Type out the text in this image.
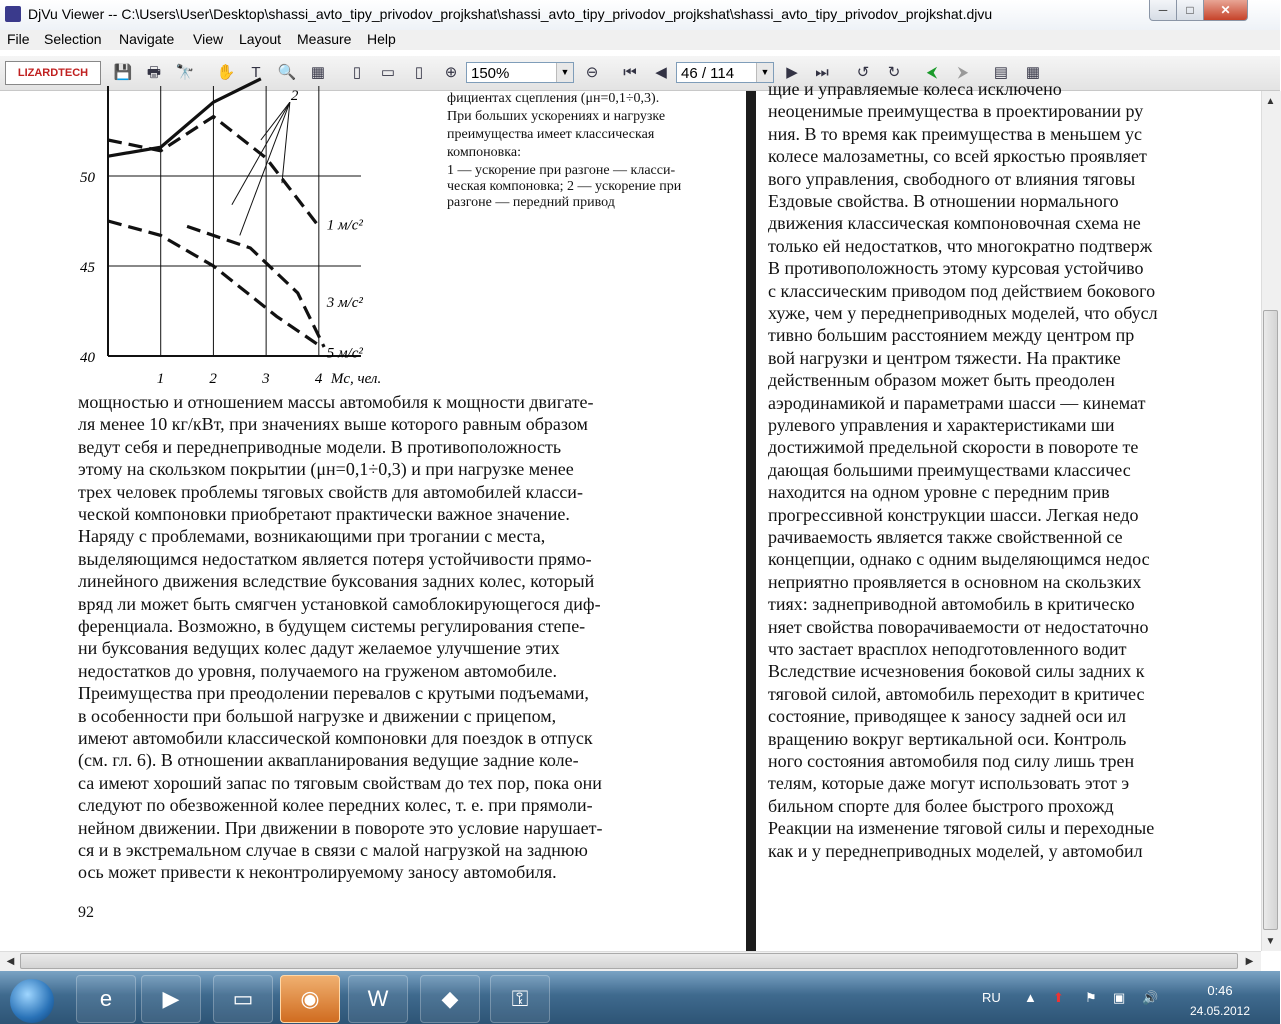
DjVu Viewer -- C:\Users\User\Desktop\shassi_avto_tipy_privodov_projkshat\shassi_avto_tipy_privodov_projkshat\shassi_avto_tipy_privodov_projkshat.djvu	─	□	✕
File Selection Navigate View Layout Measure Help
LIZARDTECH	💾 🖶 🔭 ✋	T	🔍 ▦	▯	▭	▯	⊕ 150%	▼ ⊖ ⏮ ◀ 46 / 114	▼ ▶ ⏭ ↺ ↻	⮜	⮞	▤ ▦
40
45
50
1	2	3	4 Mс, чел.
2
1 м/с²
3 м/с²
5 м/с²
фициентах сцепления (μн=0,1÷0,3).
При больших ускорениях и нагрузке
преимущества имеет классическая
компоновка:
1 — ускорение при разгоне — класси-
ческая компоновка; 2 — ускорение при
разгоне — передний привод
мощностью и отношением массы автомобиля к мощности двигате-
ля менее 10 кг/кВт, при значениях выше которого равным образом
ведут себя и переднеприводные модели. В противоположность
этому на скользком покрытии (μн=0,1÷0,3) и при нагрузке менее
трех человек проблемы тяговых свойств для автомобилей класси-
ческой компоновки приобретают практически важное значение.
Наряду с проблемами, возникающими при трогании с места,
выделяющимся недостатком является потеря устойчивости прямо-
линейного движения вследствие буксования задних колес, который
вряд ли может быть смягчен установкой самоблокирующегося диф-
ференциала. Возможно, в будущем системы регулирования степе-
ни буксования ведущих колес дадут желаемое улучшение этих
недостатков до уровня, получаемого на груженом автомобиле.
Преимущества при преодолении перевалов с крутыми подъемами,
в особенности при большой нагрузке и движении с прицепом,
имеют автомобили классической компоновки для поездок в отпуск
(см. гл. 6). В отношении аквапланирования ведущие задние коле-
са имеют хороший запас по тяговым свойствам до тех пор, пока они
следуют по обезвоженной колее передних колес, т. е. при прямоли-
нейном движении. При движении в повороте это условие нарушает-
ся и в экстремальном случае в связи с малой нагрузкой на заднюю
ось может привести к неконтролируемому заносу автомобиля.
92
щие и управляемые колеса исключено
неоценимые преимущества в проектировании ру
ния. В то время как преимущества в меньшем ус
колесе малозаметны, со всей яркостью проявляет
вого управления, свободного от влияния тяговы
Ездовые свойства. В отношении нормального
движения классическая компоновочная схема не
только ей недостатков, что многократно подтверж
В противоположность этому курсовая устойчиво
с классическим приводом под действием бокового
хуже, чем у переднеприводных моделей, что обусл
тивно большим расстоянием между центром пр
вой нагрузки и центром тяжести. На практике
действенным образом может быть преодолен
аэродинамикой и параметрами шасси — кинемат
рулевого управления и характеристиками ши
достижимой предельной скорости в повороте те
дающая большими преимуществами классичес
находится на одном уровне с передним прив
прогрессивной конструкции шасси. Легкая недо
рачиваемость является также свойственной се
концепции, однако с одним выделяющимся недос
неприятно проявляется в основном на скользких
тиях: заднеприводной автомобиль в критическо
няет свойства поворачиваемости от недостаточно
что застает врасплох неподготовленного водит
Вследствие исчезновения боковой силы задних к
тяговой силой, автомобиль переходит в критичес
состояние, приводящее к заносу задней оси ил
вращению вокруг вертикальной оси. Контроль
ного состояния автомобиля под силу лишь трен
телям, которые даже могут использовать этот э
бильном спорте для более быстрого прохожд
Реакции на изменение тяговой силы и переходные
как и у переднеприводных моделей, у автомобил
▲
▼
◀	▶
e	▶	▭	◉	W	◆	⚿	RU ▲ ⬆ ⚑ ▣ 🔊	0:46
24.05.2012
